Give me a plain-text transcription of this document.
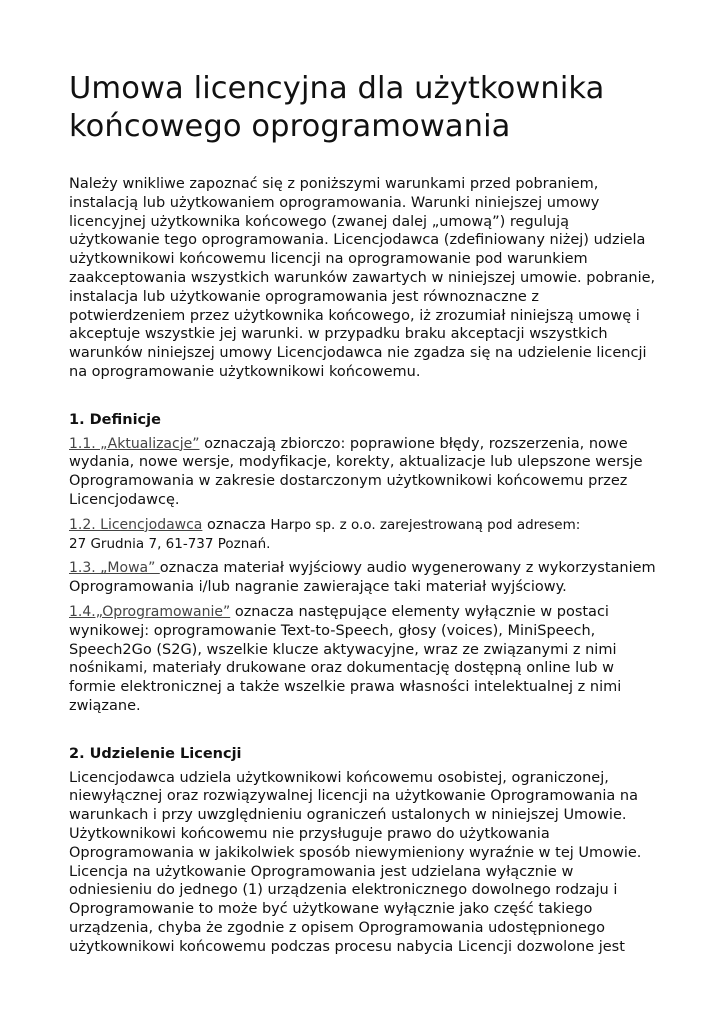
Umowa licencyjna dla użytkownika końcowego oprogramowania

Należy wnikliwe zapoznać się z poniższymi warunkami przed pobraniem, instalacją lub użytkowaniem oprogramowania. Warunki niniejszej umowy licencyjnej użytkownika końcowego (zwanej dalej „umową”) regulują użytkowanie tego oprogramowania. Licencjodawca (zdefiniowany niżej) udziela użytkownikowi końcowemu licencji na oprogramowanie pod warunkiem zaakceptowania wszystkich warunków zawartych w niniejszej umowie. pobranie, instalacja lub użytkowanie oprogramowania jest równoznaczne z potwierdzeniem przez użytkownika końcowego, iż zrozumiał niniejszą umowę i akceptuje wszystkie jej warunki. w przypadku braku akceptacji wszystkich warunków niniejszej umowy Licencjodawca nie zgadza się na udzielenie licencji na oprogramowanie użytkownikowi końcowemu.

1. Definicje

1.1. „Aktualizacje” oznaczają zbiorczo: poprawione błędy, rozszerzenia, nowe wydania, nowe wersje, modyfikacje, korekty, aktualizacje lub ulepszone wersje Oprogramowania w zakresie dostarczonym użytkownikowi końcowemu przez Licencjodawcę.

1.2. Licencjodawca oznacza Harpo sp. z o.o. zarejestrowaną pod adresem:
27 Grudnia 7, 61-737 Poznań.

1.3. „Mowa” oznacza materiał wyjściowy audio wygenerowany z wykorzystaniem Oprogramowania i/lub nagranie zawierające taki materiał wyjściowy.

1.4.„Oprogramowanie” oznacza następujące elementy wyłącznie w postaci wynikowej: oprogramowanie Text-to-Speech, głosy (voices), MiniSpeech, Speech2Go (S2G), wszelkie klucze aktywacyjne, wraz ze związanymi z nimi nośnikami, materiały drukowane oraz dokumentację dostępną online lub w formie elektronicznej a także wszelkie prawa własności intelektualnej z nimi związane.

2. Udzielenie Licencji

Licencjodawca udziela użytkownikowi końcowemu osobistej, ograniczonej, niewyłącznej oraz rozwiązywalnej licencji na użytkowanie Oprogramowania na warunkach i przy uwzględnieniu ograniczeń ustalonych w niniejszej Umowie. Użytkownikowi końcowemu nie przysługuje prawo do użytkowania Oprogramowania w jakikolwiek sposób niewymieniony wyraźnie w tej Umowie. Licencja na użytkowanie Oprogramowania jest udzielana wyłącznie w odniesieniu do jednego (1) urządzenia elektronicznego dowolnego rodzaju i Oprogramowanie to może być użytkowane wyłącznie jako część takiego urządzenia, chyba że zgodnie z opisem Oprogramowania udostępnionego użytkownikowi końcowemu podczas procesu nabycia Licencji dozwolone jest
